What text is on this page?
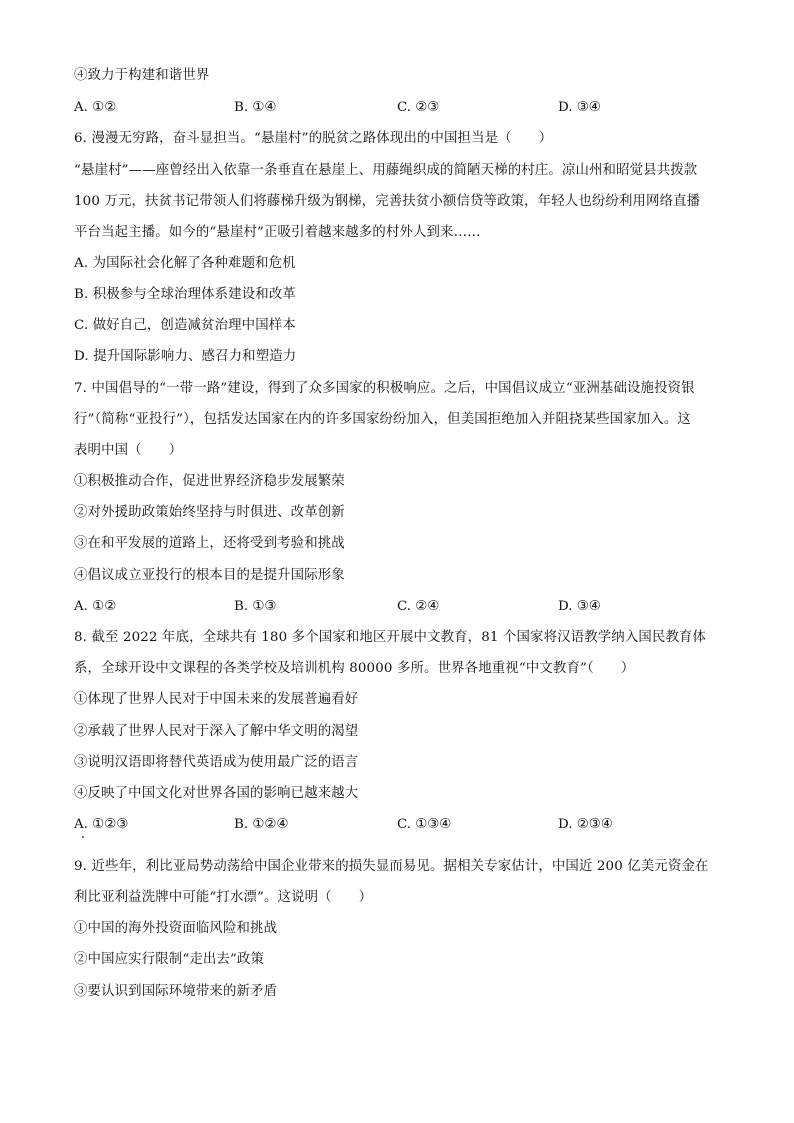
④致力于构建和谐世界
A. ①②	B. ①④	C. ②③	D. ③④
6. 漫漫无穷路，奋斗显担当。“悬崖村”的脱贫之路体现出的中国担当是（　　）
“悬崖村”——座曾经出入依靠一条垂直在悬崖上、用藤绳织成的简陋天梯的村庄。凉山州和昭觉县共拨款
100 万元，扶贫书记带领人们将藤梯升级为钢梯，完善扶贫小额信贷等政策，年轻人也纷纷利用网络直播
平台当起主播。如今的“悬崖村”正吸引着越来越多的村外人到来……
A. 为国际社会化解了各种难题和危机
B. 积极参与全球治理体系建设和改革
C. 做好自己，创造减贫治理中国样本
D. 提升国际影响力、感召力和塑造力
7. 中国倡导的“一带一路”建设，得到了众多国家的积极响应。之后，中国倡议成立“亚洲基础设施投资银
行”（简称“亚投行”），包括发达国家在内的许多国家纷纷加入，但美国拒绝加入并阻挠某些国家加入。这
表明中国（　　）
①积极推动合作，促进世界经济稳步发展繁荣
②对外援助政策始终坚持与时俱进、改革创新
③在和平发展的道路上，还将受到考验和挑战
④倡议成立亚投行的根本目的是提升国际形象
A. ①②	B. ①③	C. ②④	D. ③④
8. 截至 2022 年底，全球共有 180 多个国家和地区开展中文教育，81 个国家将汉语教学纳入国民教育体
系，全球开设中文课程的各类学校及培训机构 80000 多所。世界各地重视“中文教育”（　　）
①体现了世界人民对于中国未来的发展普遍看好
②承载了世界人民对于深入了解中华文明的渴望
③说明汉语即将替代英语成为使用最广泛的语言
④反映了中国文化对世界各国的影响已越来越大
A. ①②③	B. ①②④	C. ①③④	D. ②③④
9. 近些年，利比亚局势动荡给中国企业带来的损失显而易见。据相关专家估计，中国近 200 亿美元资金在
利比亚利益洗牌中可能“打水漂”。这说明（　　）
①中国的海外投资面临风险和挑战
②中国应实行限制“走出去”政策
③要认识到国际环境带来的新矛盾
